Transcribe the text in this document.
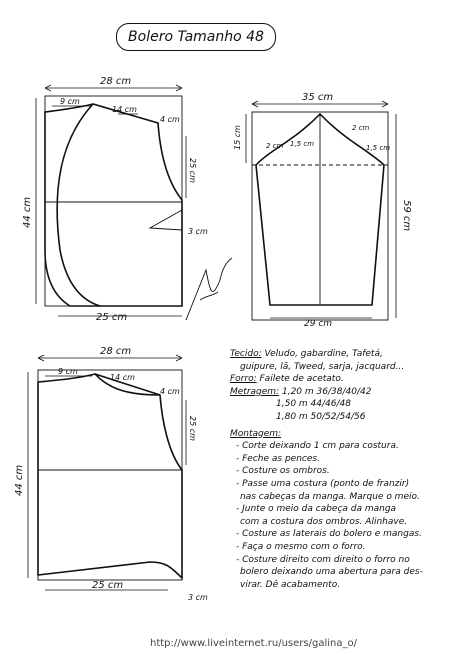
Bolero Tamanho 48
28 cm
9 cm
14 cm
4 cm
25 cm
44 cm
3 cm
25 cm
35 cm
2 cm
2 cm
1,5 cm	1,5 cm
15 cm
59 cm
29 cm
28 cm
9 cm
14 cm
4 cm
25 cm
44 cm
25 cm
3 cm
Tecido: Veludo, gabardine, Tafetá,
guipure, lã, Tweed, sarja, jacquard...
Forro: Failete de acetato.
Metragem: 1,20 m 36/38/40/42
1,50 m 44/46/48
1,80 m 50/52/54/56
Montagem:
- Corte deixando 1 cm para costura.
- Feche as pences.
- Costure os ombros.
- Passe uma costura (ponto de franzir)
nas cabeças da manga. Marque o meio.
- Junte o meio da cabeça da manga
com a costura dos ombros. Alinhave.
- Costure as laterais do bolero e mangas.
- Faça o mesmo com o forro.
- Costure direito com direito o forro no
bolero deixando uma abertura para des-
virar. Dê acabamento.
http://www.liveinternet.ru/users/galina_o/
